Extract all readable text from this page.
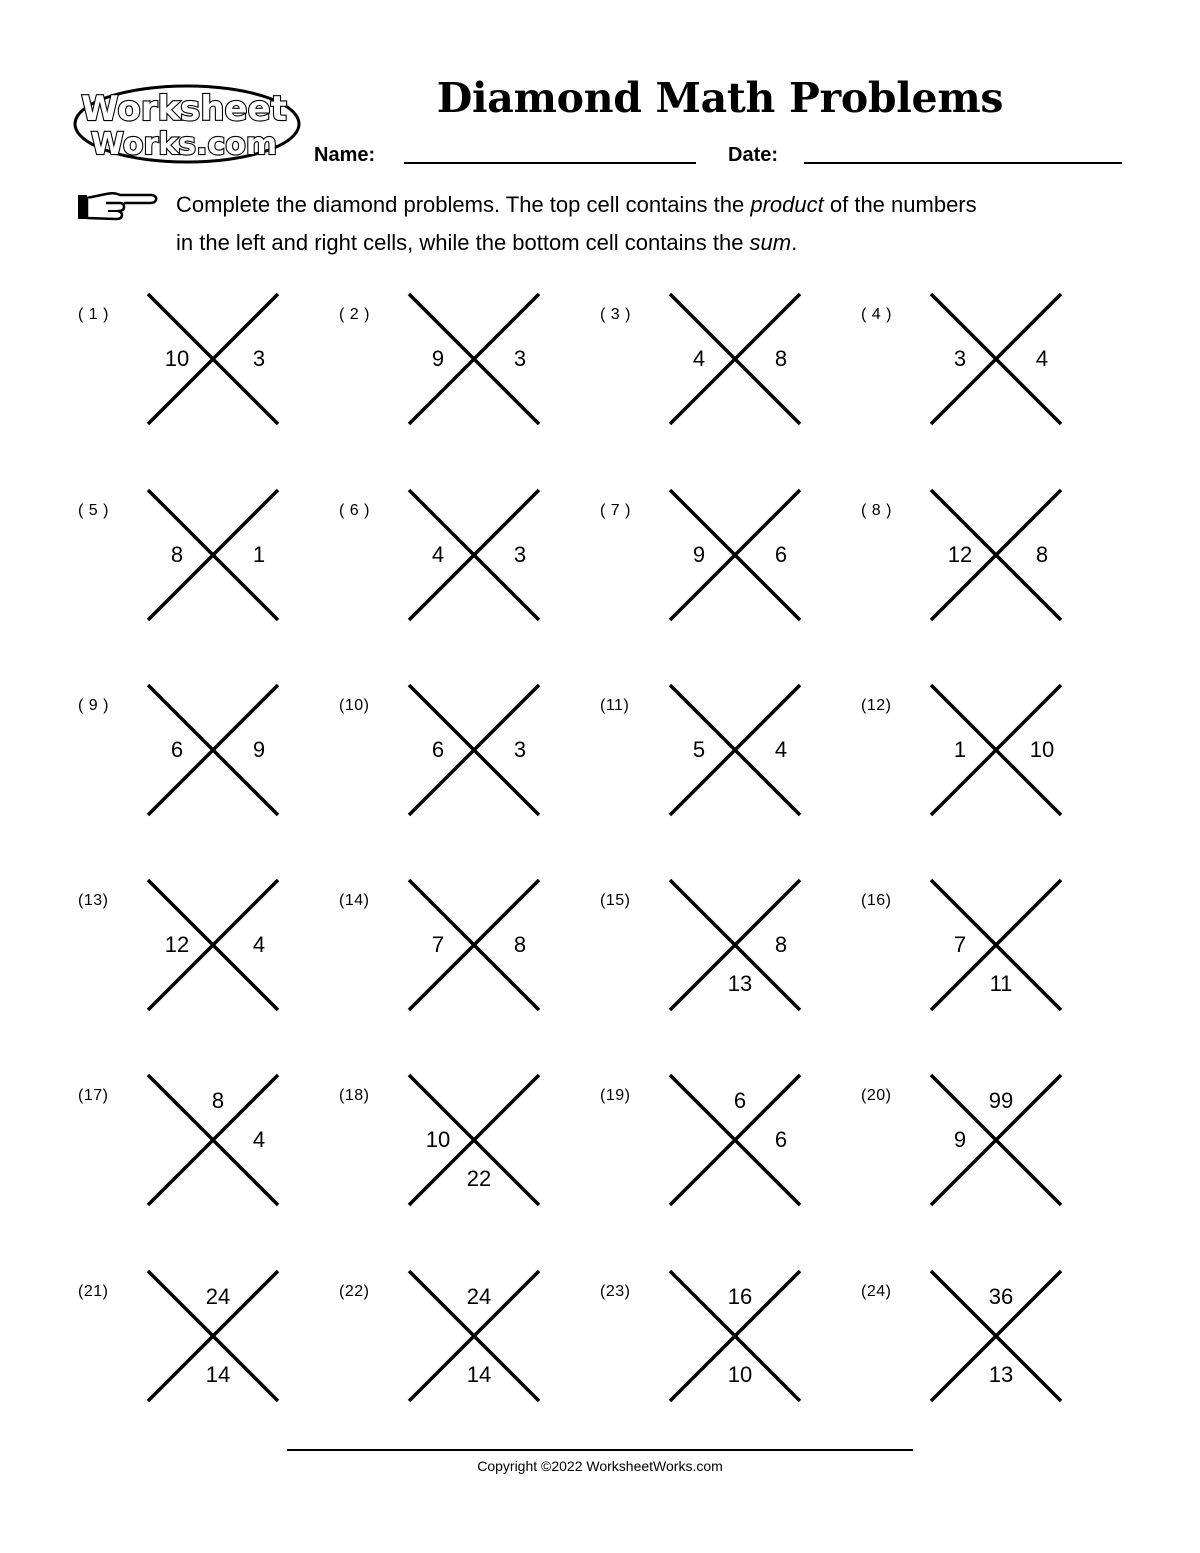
Worksheet
Works.com
Diamond Math Problems
Name:	Date:

Complete the diamond problems. The top cell contains the product of the numbers

in the left and right cells, while the bottom cell contains the sum.

( 1 )
10	3
( 2 )
9	3
( 3 )
4	8
( 4 )
3	4
( 5 )
8	1
( 6 )
4	3
( 7 )
9	6
( 8 )
12	8
( 9 )
6	9
(10)
6	3
(11)
5	4
(12)
1	10
(13)
12	4
(14)
7	8
(15)
8
13
(16)
7
11
(17)	8
4
(18)
10
22
(19)	6
6
(20)	99
9
(21)	24
14
(22)	24
14
(23)	16
10
(24)	36
13
Copyright ©2022 WorksheetWorks.com
